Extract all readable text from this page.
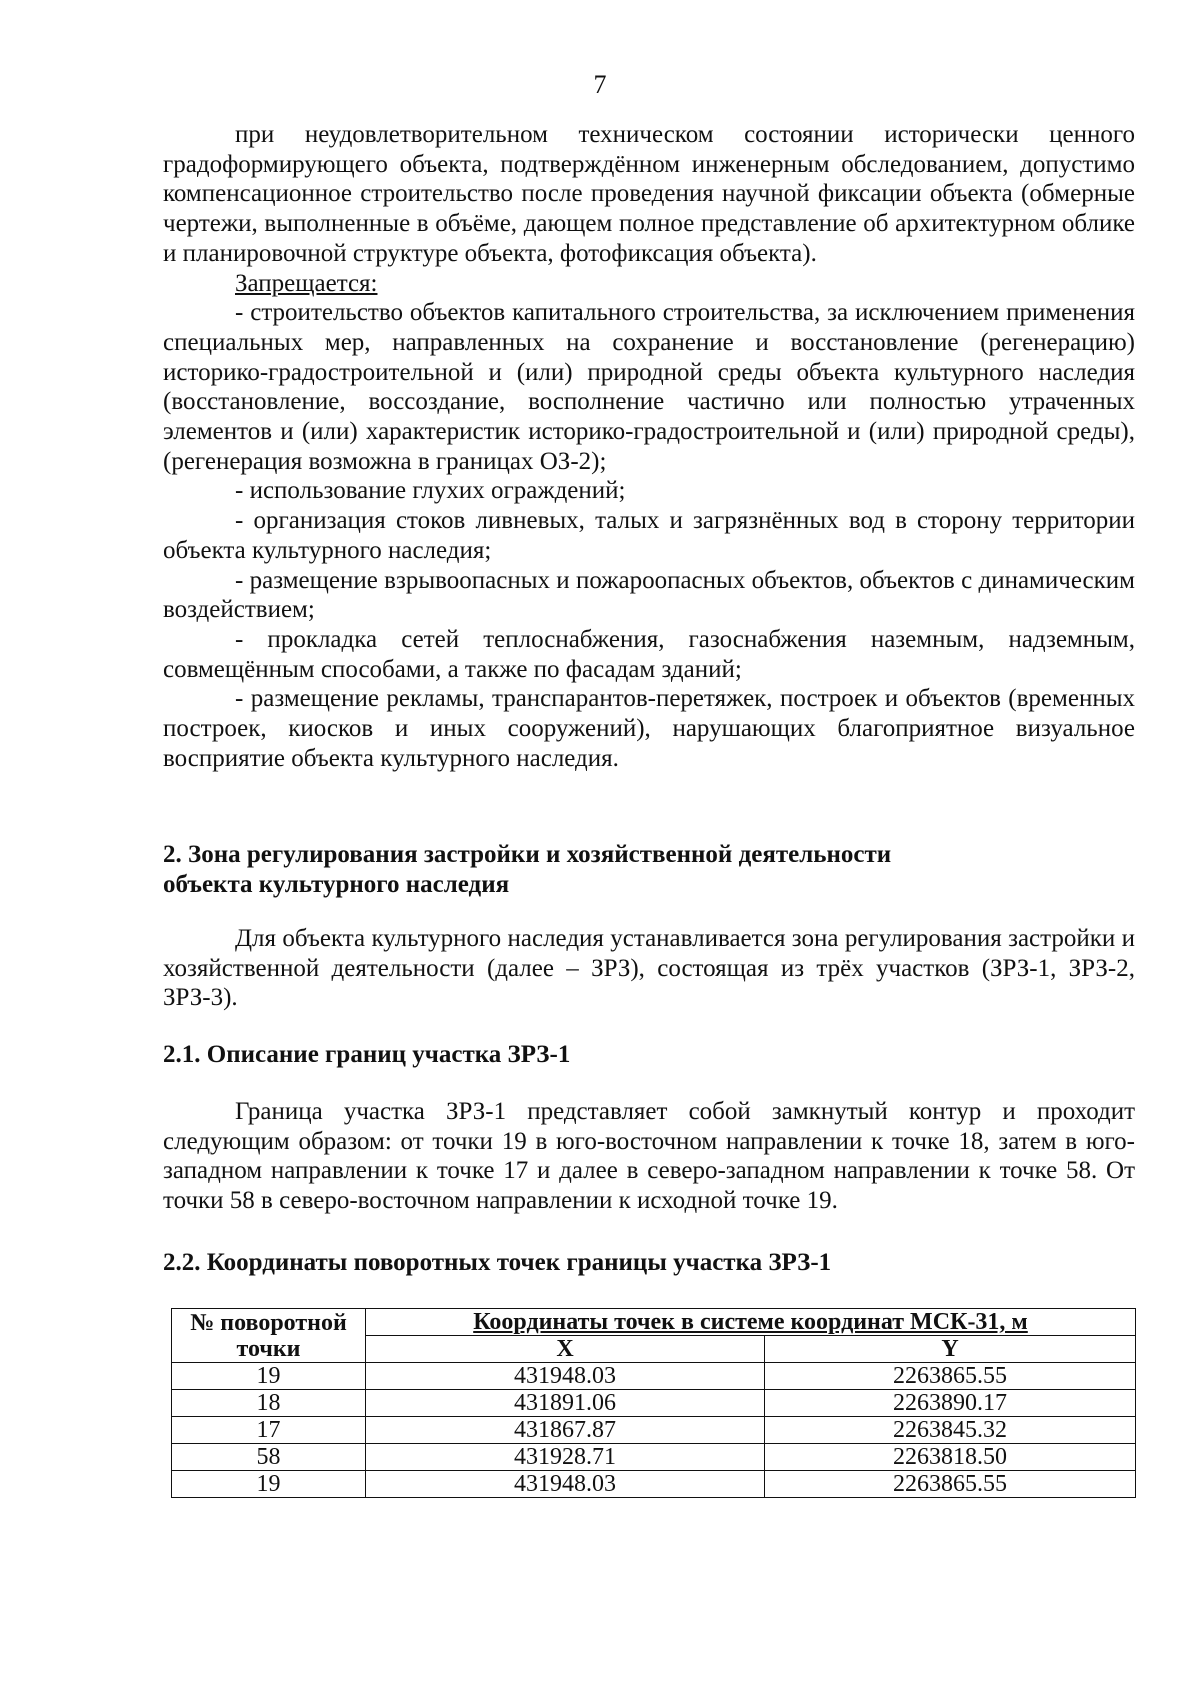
7

при неудовлетворительном техническом состоянии исторически ценного градоформирующего объекта, подтверждённом инженерным обследованием, допустимо компенсационное строительство после проведения научной фиксации объекта (обмерные чертежи, выполненные в объёме, дающем полное представление об архитектурном облике и планировочной структуре объекта, фотофиксация объекта).

Запрещается:

- строительство объектов капитального строительства, за исключением применения специальных мер, направленных на сохранение и восстановление (регенерацию) историко-градостроительной и (или) природной среды объекта культурного наследия (восстановление, воссоздание, восполнение частично или полностью утраченных элементов и (или) характеристик историко-градостроительной и (или) природной среды), (регенерация возможна в границах ОЗ-2);

- использование глухих ограждений;

- организация стоков ливневых, талых и загрязнённых вод в сторону территории объекта культурного наследия;

- размещение взрывоопасных и пожароопасных объектов, объектов с динамическим воздействием;

- прокладка сетей теплоснабжения, газоснабжения наземным, надземным, совмещённым способами, а также по фасадам зданий;

- размещение рекламы, транспарантов-перетяжек, построек и объектов (временных построек, киосков и иных сооружений), нарушающих благоприятное визуальное восприятие объекта культурного наследия.

2. Зона регулирования застройки и хозяйственной деятельности

объекта культурного наследия

Для объекта культурного наследия устанавливается зона регулирования застройки и хозяйственной деятельности (далее – ЗРЗ), состоящая из трёх участков (ЗРЗ-1, ЗРЗ-2, ЗРЗ-3).

2.1. Описание границ участка ЗРЗ-1

Граница участка ЗРЗ-1 представляет собой замкнутый контур и проходит следующим образом: от точки 19 в юго-восточном направлении к точке 18, затем в юго-западном направлении к точке 17 и далее в северо-западном направлении к точке 58. От точки 58 в северо-восточном направлении к исходной точке 19.

2.2. Координаты поворотных точек границы участка ЗРЗ-1

№ поворотной
точки	Координаты точек в системе координат МСК-31, м	
	X	Y
19	431948.03	2263865.55
18	431891.06	2263890.17
17	431867.87	2263845.32
58	431928.71	2263818.50
19	431948.03	2263865.55
